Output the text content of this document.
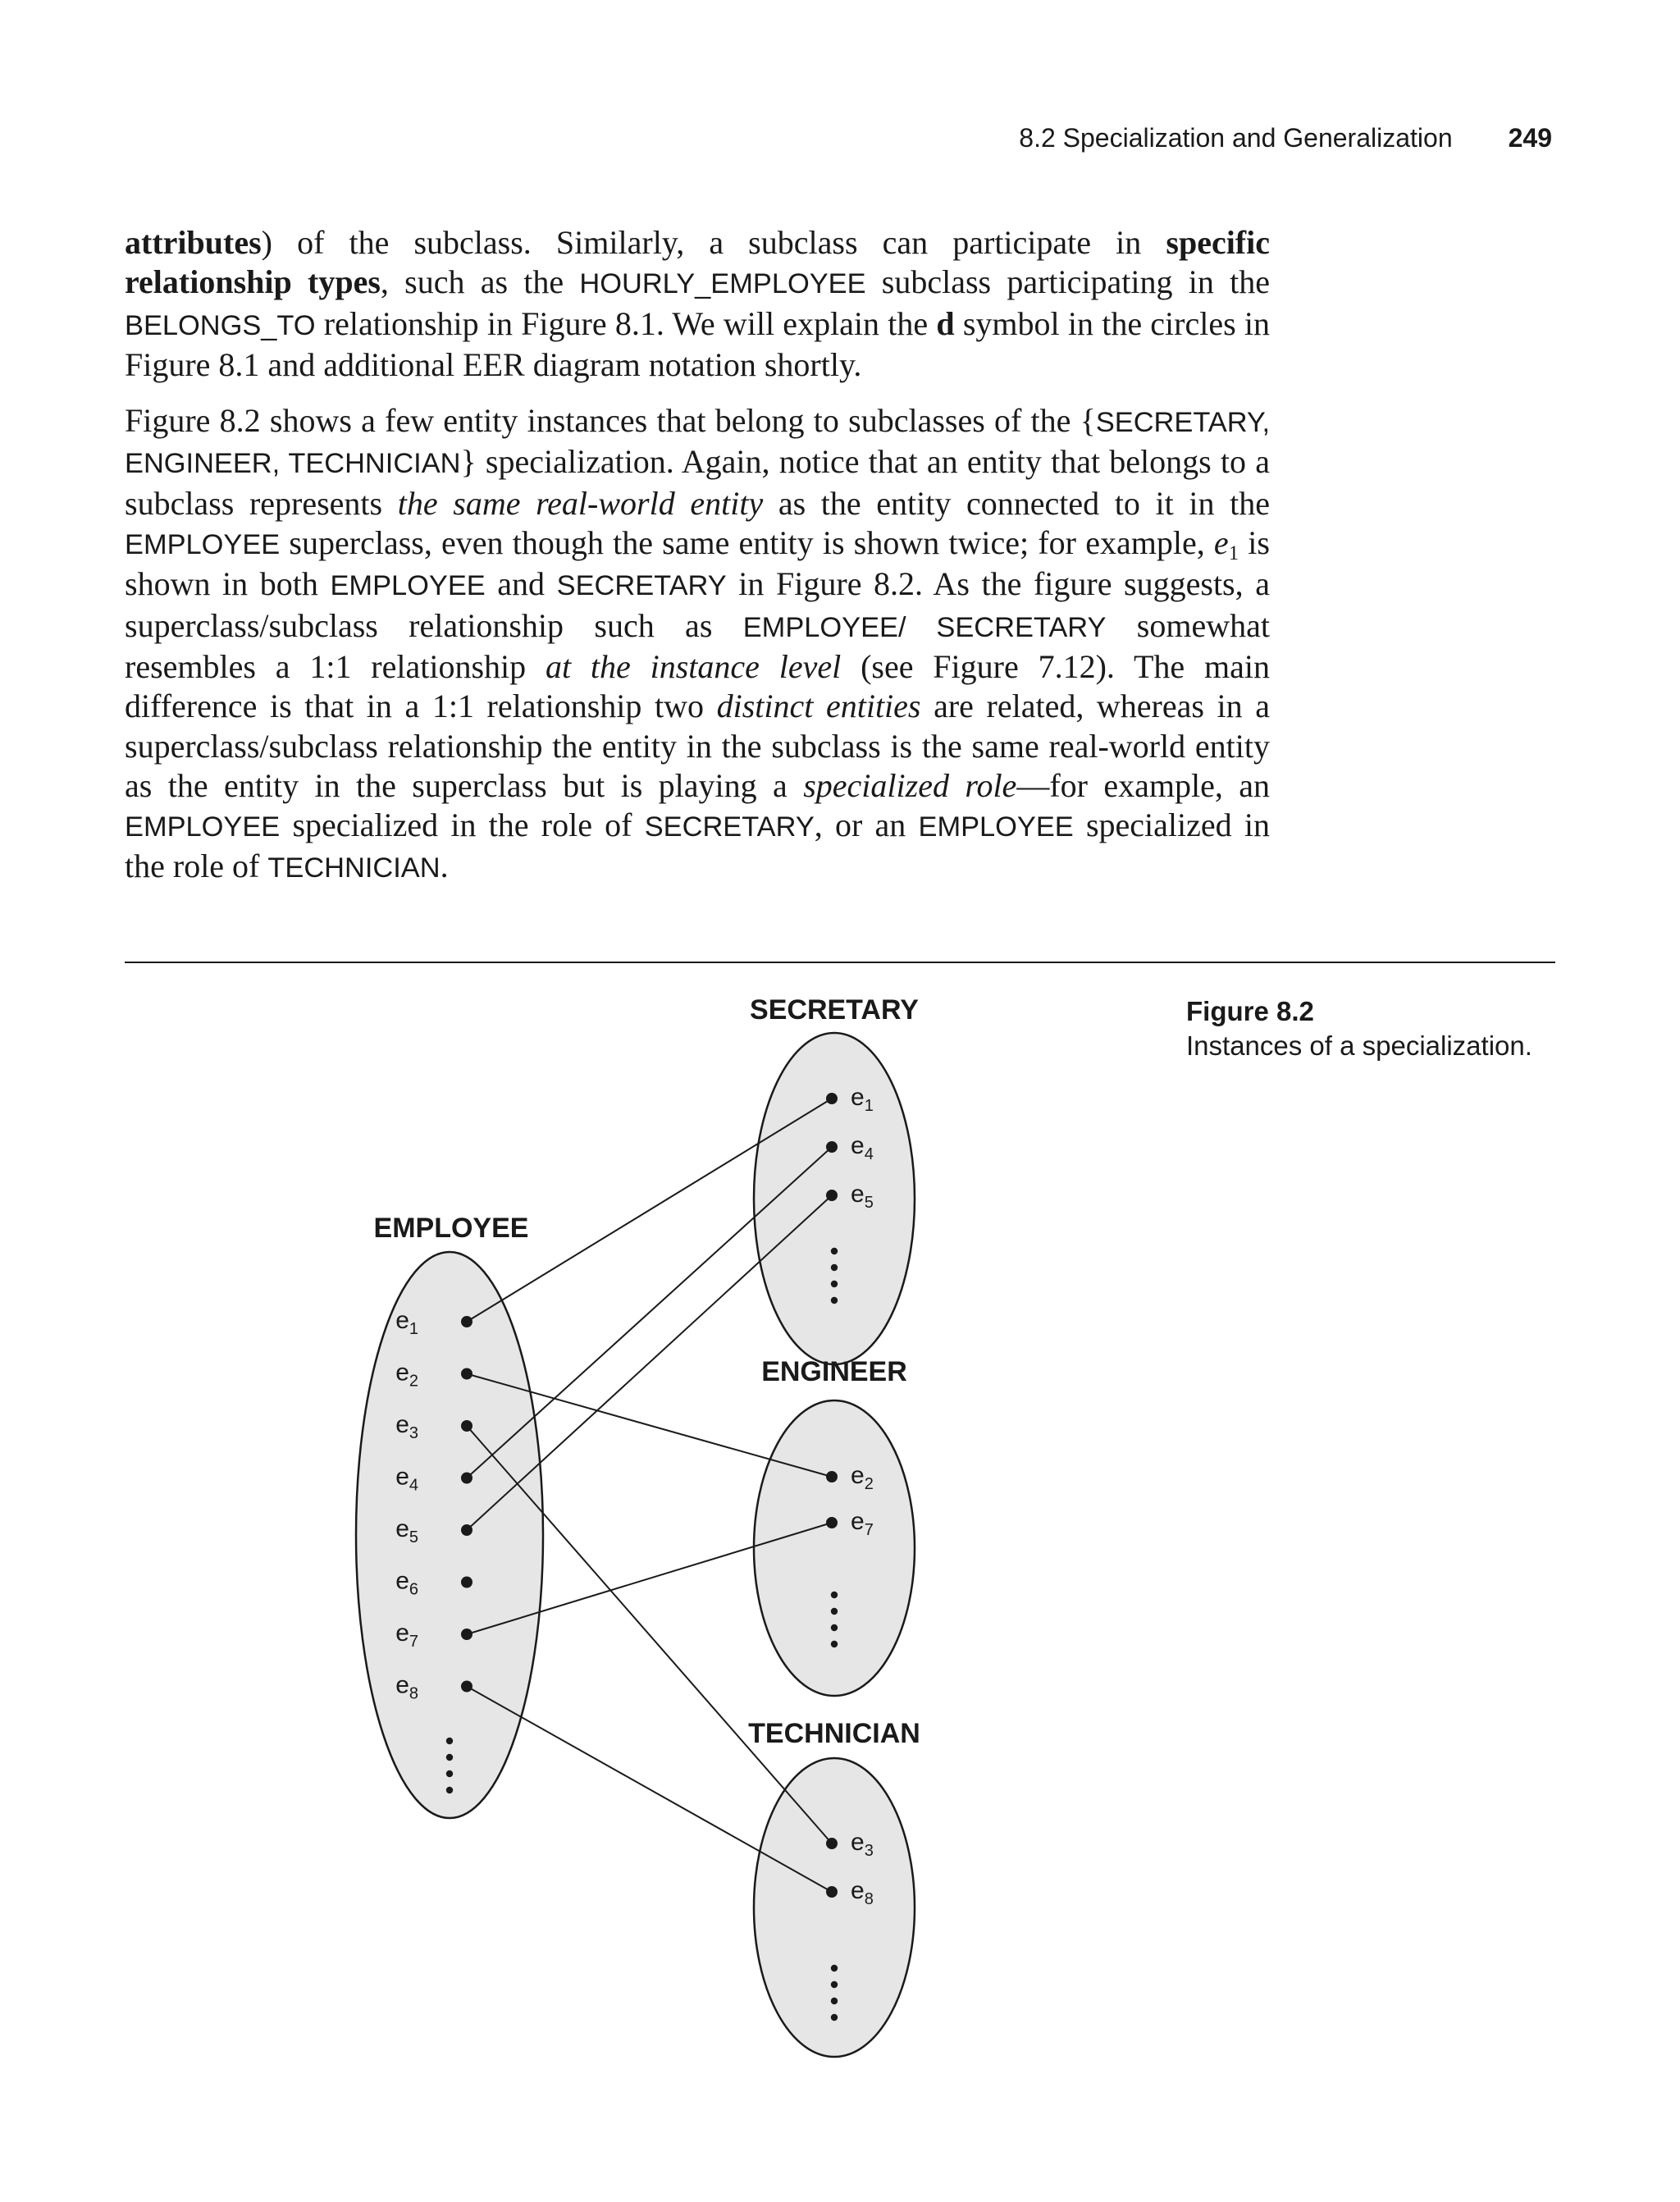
8.2 Specialization and Generalization 249

attributes) of the subclass. Similarly, a subclass can participate in specific relationship types, such as the HOURLY_EMPLOYEE subclass participating in the BELONGS_TO relationship in Figure 8.1. We will explain the d symbol in the circles in Figure 8.1 and additional EER diagram notation shortly.

Figure 8.2 shows a few entity instances that belong to subclasses of the {SECRETARY, ENGINEER, TECHNICIAN} specialization. Again, notice that an entity that belongs to a subclass represents the same real-world entity as the entity connected to it in the EMPLOYEE superclass, even though the same entity is shown twice; for example, $e_1$ is shown in both EMPLOYEE and SECRETARY in Figure 8.2. As the figure suggests, a superclass/subclass relationship such as EMPLOYEE/ SECRETARY somewhat resembles a 1:1 relationship at the instance level (see Figure 7.12). The main difference is that in a 1:1 relationship two distinct entities are related, whereas in a superclass/subclass relationship the entity in the subclass is the same real-world entity as the entity in the superclass but is playing a specialized role—for example, an EMPLOYEE specialized in the role of SECRETARY, or an EMPLOYEE specialized in the role of TECHNICIAN.

Figure 8.2
Instances of a specialization.
EMPLOYEE
$e_1$
$e_2$
$e_3$
$e_4$
$e_5$
$e_6$
$e_7$
$e_8$
SECRETARY
$e_1$
$e_4$
$e_5$
ENGINEER
$e_2$
$e_7$
TECHNICIAN
$e_3$
$e_8$
